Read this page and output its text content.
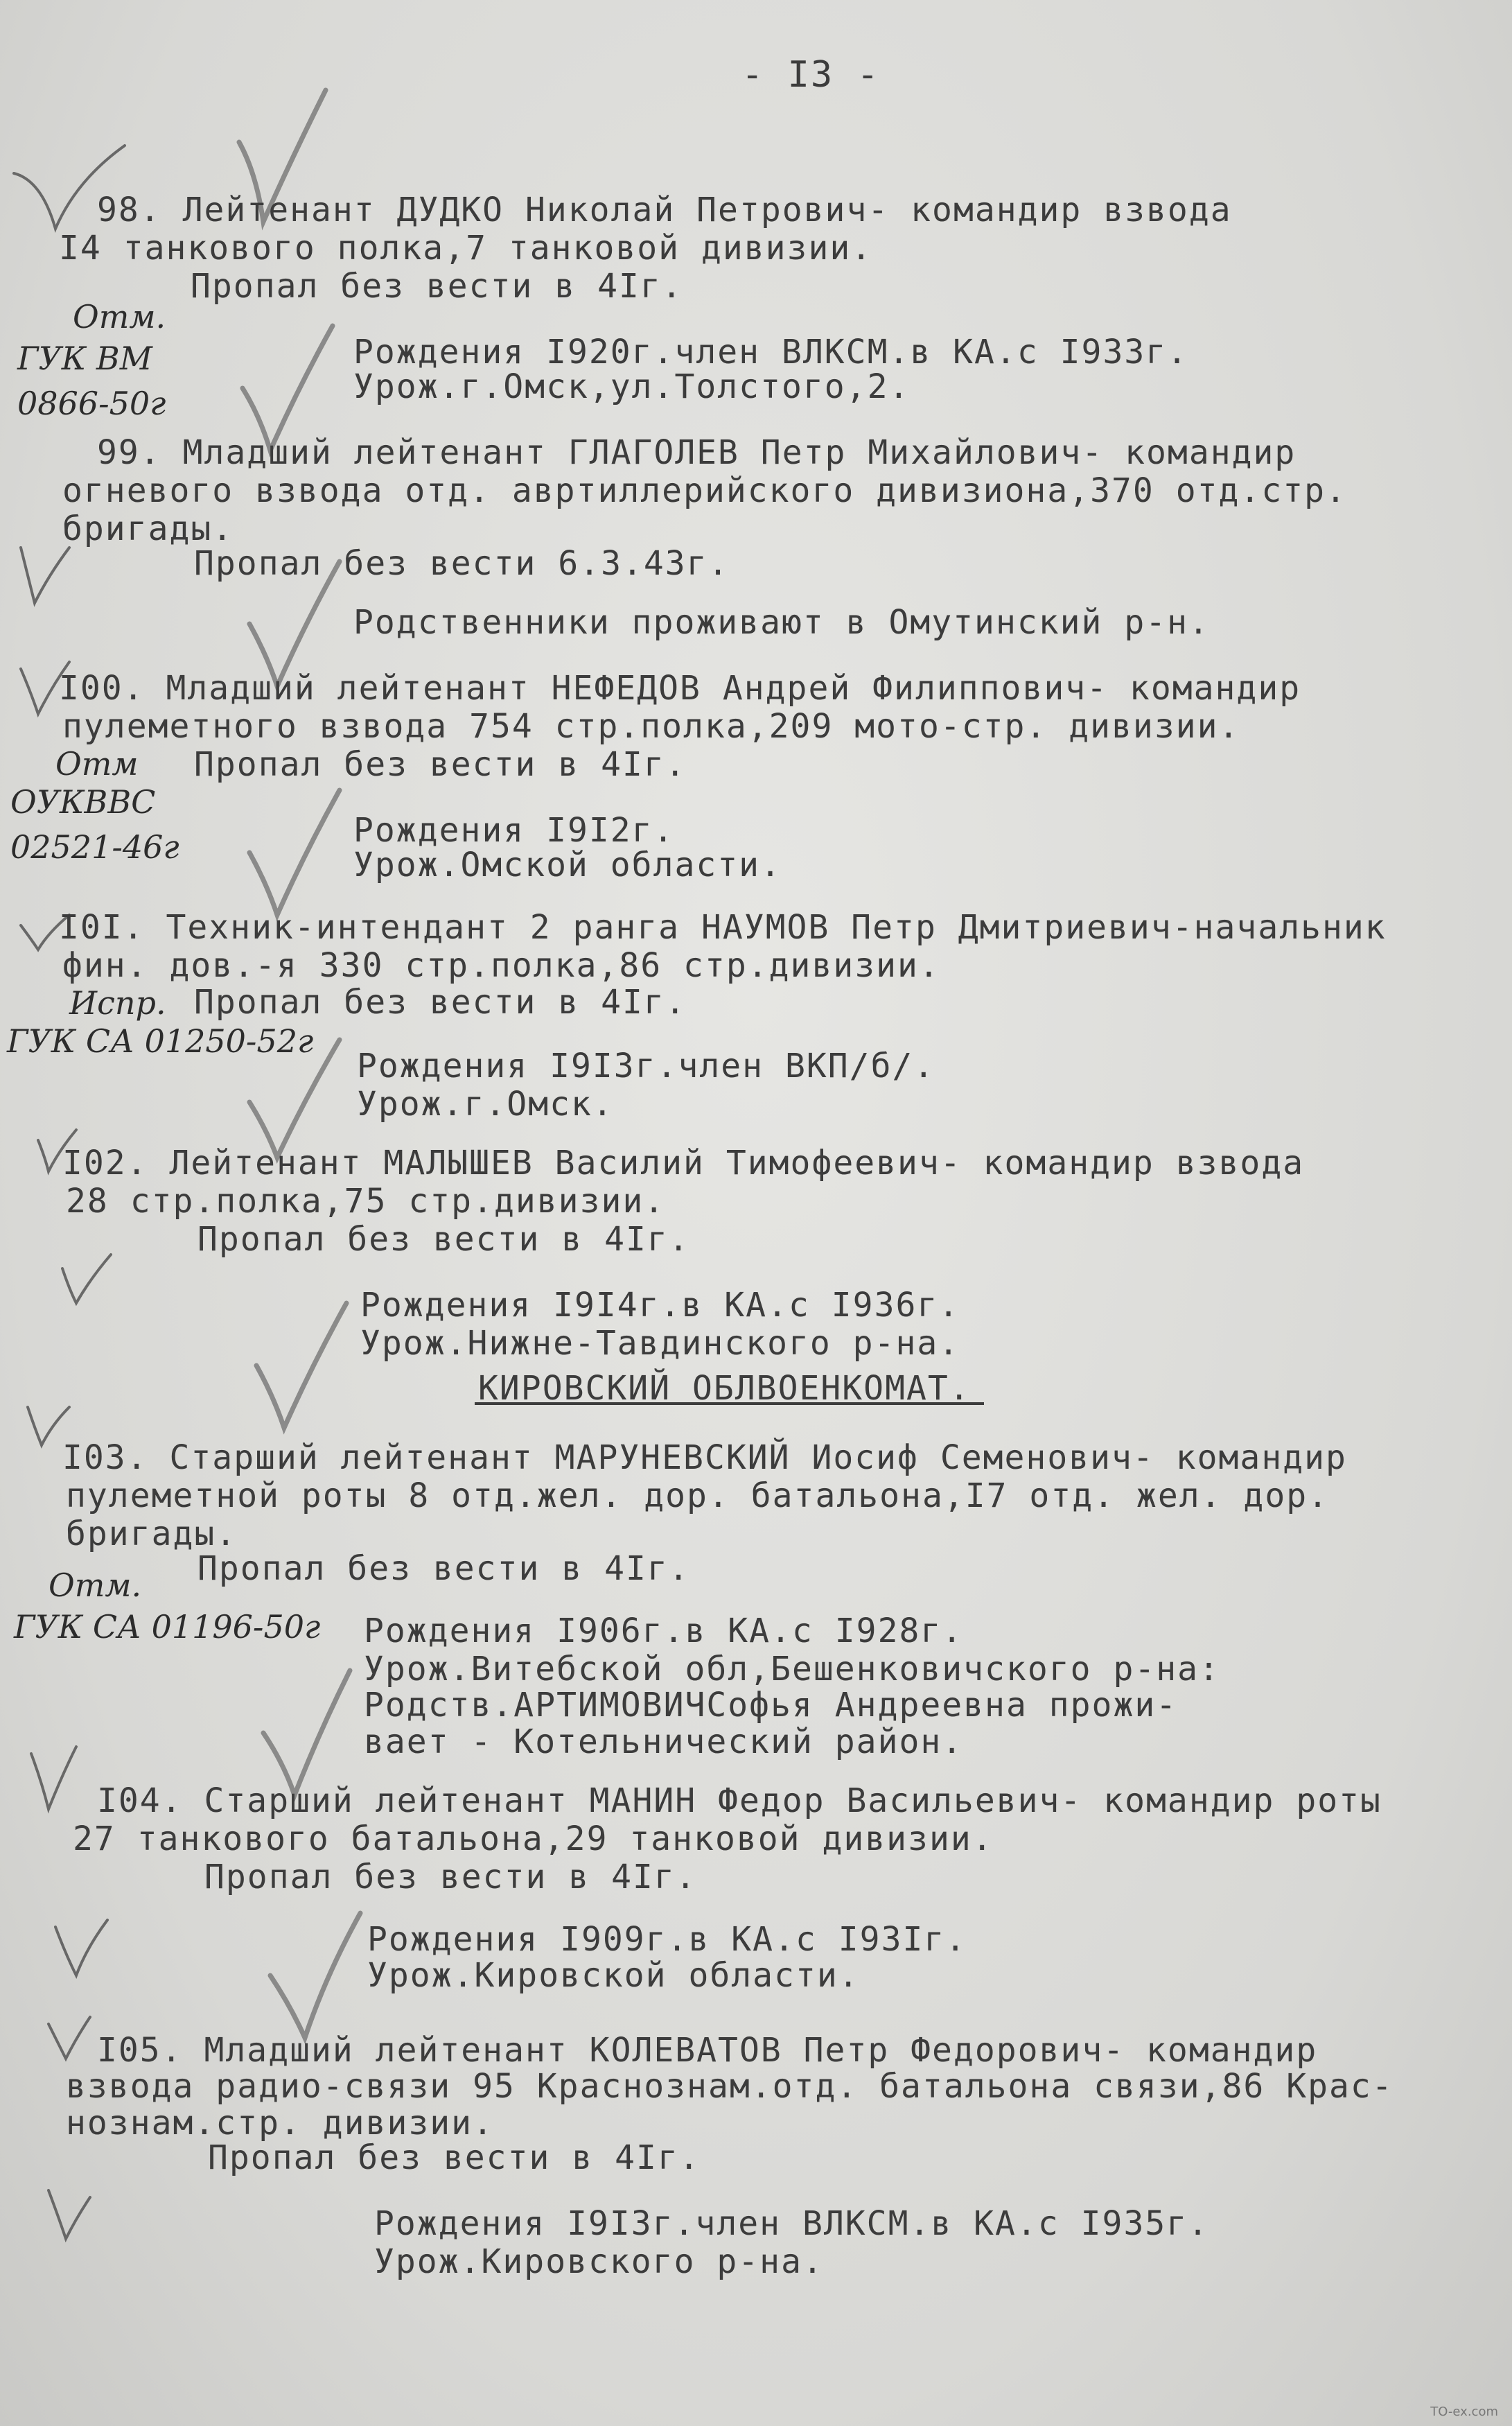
- I3 -
98. Лейтенант ДУДКО Николай Петрович- командир взвода
I4 танкового полка,7 танковой дивизии.
Пропал без вести в 4Iг.
Рождения I920г.член ВЛКСМ.в КА.с I933г.
Урож.г.Омск,ул.Толстого,2.
99. Младший лейтенант ГЛАГОЛЕВ Петр Михайлович- командир
огневого взвода отд. авртиллерийского дивизиона,370 отд.стр.
бригады.
Пропал без вести 6.3.43г.
Родственники проживают в Омутинский р-н.
I00. Младший лейтенант НЕФЕДОВ Андрей Филиппович- командир
пулеметного взвода 754 стр.полка,209 мото-стр. дивизии.
Пропал без вести в 4Iг.
Рождения I9I2г.
Урож.Омской области.
I0I. Техник-интендант 2 ранга НАУМОВ Петр Дмитриевич-начальник
фин. дов.-я 330 стр.полка,86 стр.дивизии.
Пропал без вести в 4Iг.
Рождения I9I3г.член ВКП/б/.
Урож.г.Омск.
I02. Лейтенант МАЛЫШЕВ Василий Тимофеевич- командир взвода
28 стр.полка,75 стр.дивизии.
Пропал без вести в 4Iг.
Рождения I9I4г.в КА.с I936г.
Урож.Нижне-Тавдинского р-на.
КИРОВСКИЙ ОБЛВОЕНКОМАТ.
I03. Старший лейтенант МАРУНЕВСКИЙ Иосиф Семенович- командир
пулеметной роты 8 отд.жел. дор. батальона,I7 отд. жел. дор.
бригады.
Пропал без вести в 4Iг.
Рождения I906г.в КА.с I928г.
Урож.Витебской обл,Бешенковичского р-на:
Родств.АРТИМОВИЧСофья Андреевна прожи-
вает - Котельнический район.
I04. Старший лейтенант МАНИН Федор Васильевич- командир роты
27 танкового батальона,29 танковой дивизии.
Пропал без вести в 4Iг.
Рождения I909г.в КА.с I93Iг.
Урож.Кировской области.
I05. Младший лейтенант КОЛЕВАТОВ Петр Федорович- командир
взвода радио-связи 95 Краснознам.отд. батальона связи,86 Крас-
нознам.стр. дивизии.
Пропал без вести в 4Iг.
Рождения I9I3г.член ВЛКСМ.в КА.с I935г.
Урож.Кировского р-на.
Отм.
ГУК ВМ
0866-50г
Отм
ОУКВВС
02521-46г
Испр.
ГУК СА 01250-52г
Отм.
ГУК СА 01196-50г
TO-ex.com
